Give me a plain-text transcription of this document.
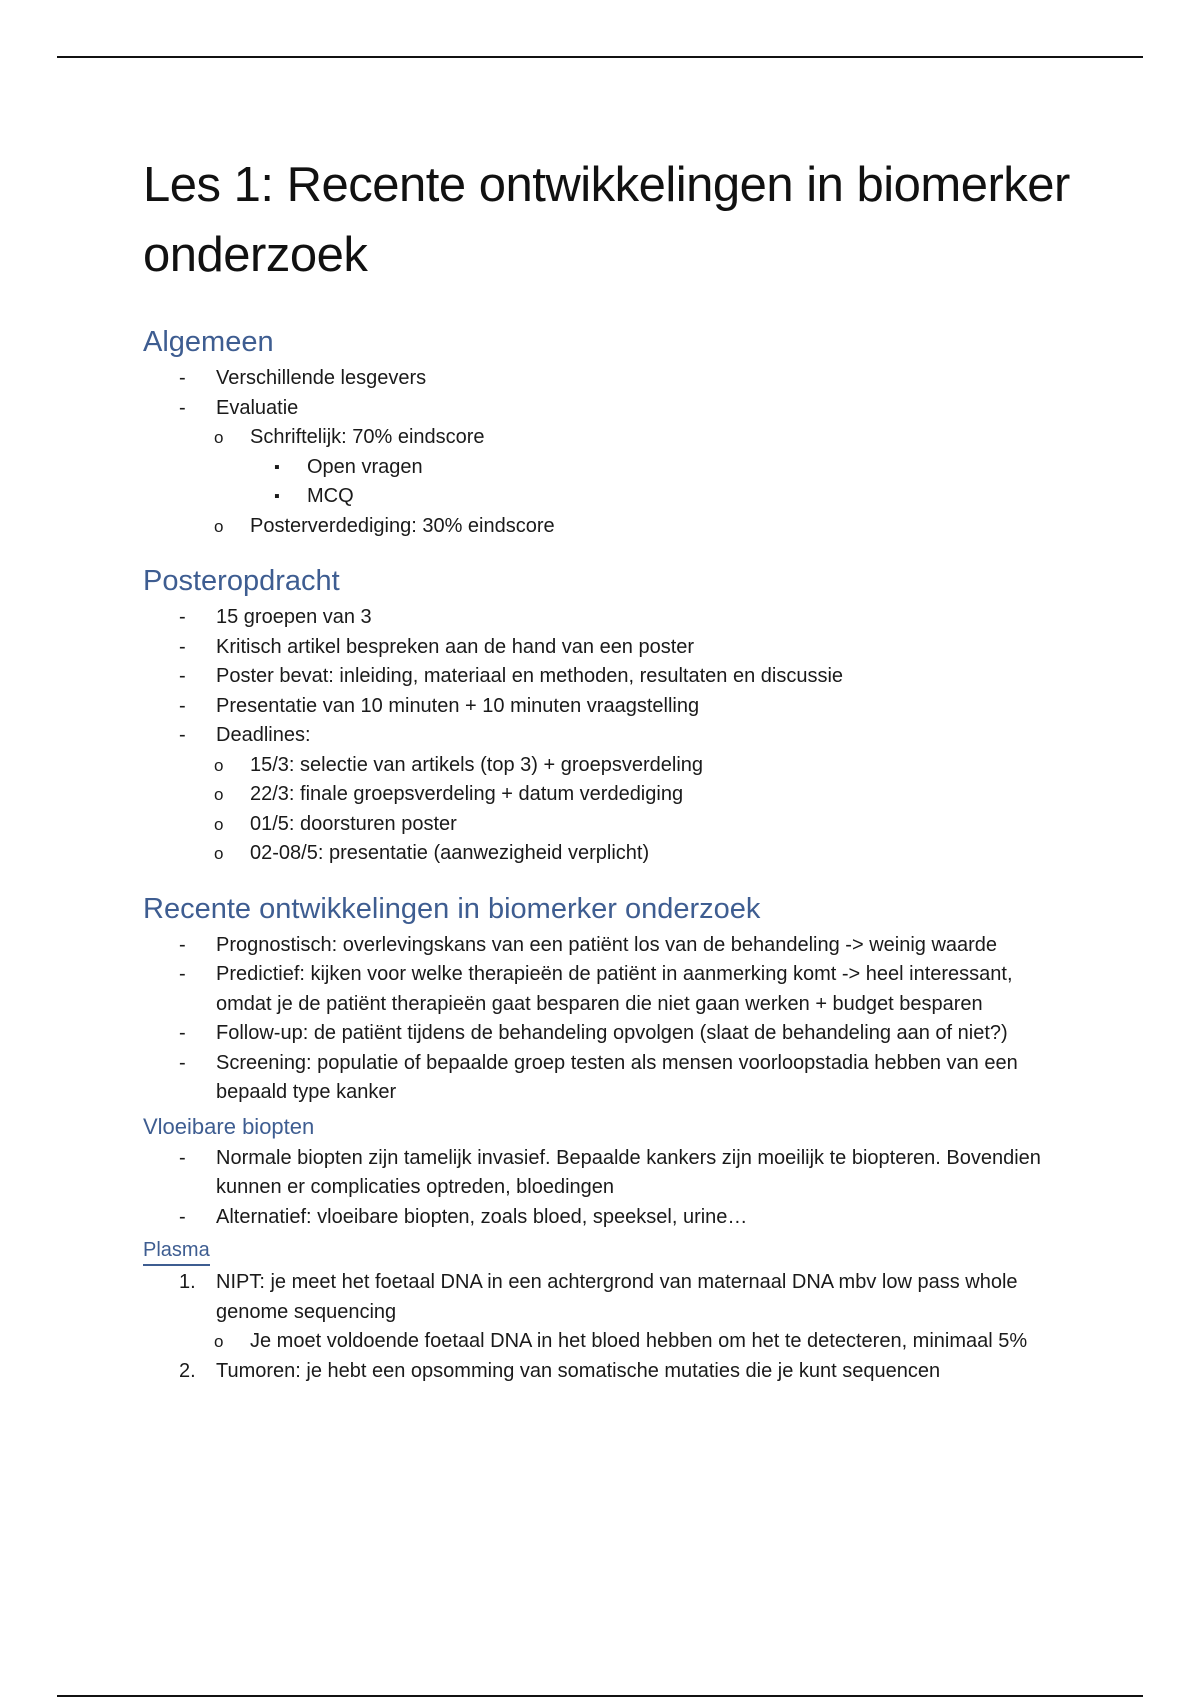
Les 1: Recente ontwikkelingen in biomerker onderzoek
Algemeen
- Verschillende lesgevers
- Evaluatie
o Schriftelijk: 70% eindscore
▪ Open vragen
▪ MCQ
o Posterverdediging: 30% eindscore
Posteropdracht
- 15 groepen van 3
- Kritisch artikel bespreken aan de hand van een poster
- Poster bevat: inleiding, materiaal en methoden, resultaten en discussie
- Presentatie van 10 minuten + 10 minuten vraagstelling
- Deadlines:
o 15/3: selectie van artikels (top 3) + groepsverdeling
o 22/3: finale groepsverdeling + datum verdediging
o 01/5: doorsturen poster
o 02-08/5: presentatie (aanwezigheid verplicht)
Recente ontwikkelingen in biomerker onderzoek
- Prognostisch: overlevingskans van een patiënt los van de behandeling -> weinig waarde
- Predictief: kijken voor welke therapieën de patiënt in aanmerking komt -> heel interessant, omdat je de patiënt therapieën gaat besparen die niet gaan werken + budget besparen
- Follow-up: de patiënt tijdens de behandeling opvolgen (slaat de behandeling aan of niet?)
- Screening: populatie of bepaalde groep testen als mensen voorloopstadia hebben van een bepaald type kanker
Vloeibare biopten
- Normale biopten zijn tamelijk invasief. Bepaalde kankers zijn moeilijk te biopteren. Bovendien kunnen er complicaties optreden, bloedingen
- Alternatief: vloeibare biopten, zoals bloed, speeksel, urine…
Plasma
1. NIPT: je meet het foetaal DNA in een achtergrond van maternaal DNA mbv low pass whole genome sequencing
o Je moet voldoende foetaal DNA in het bloed hebben om het te detecteren, minimaal 5%
2. Tumoren: je hebt een opsomming van somatische mutaties die je kunt sequencen
